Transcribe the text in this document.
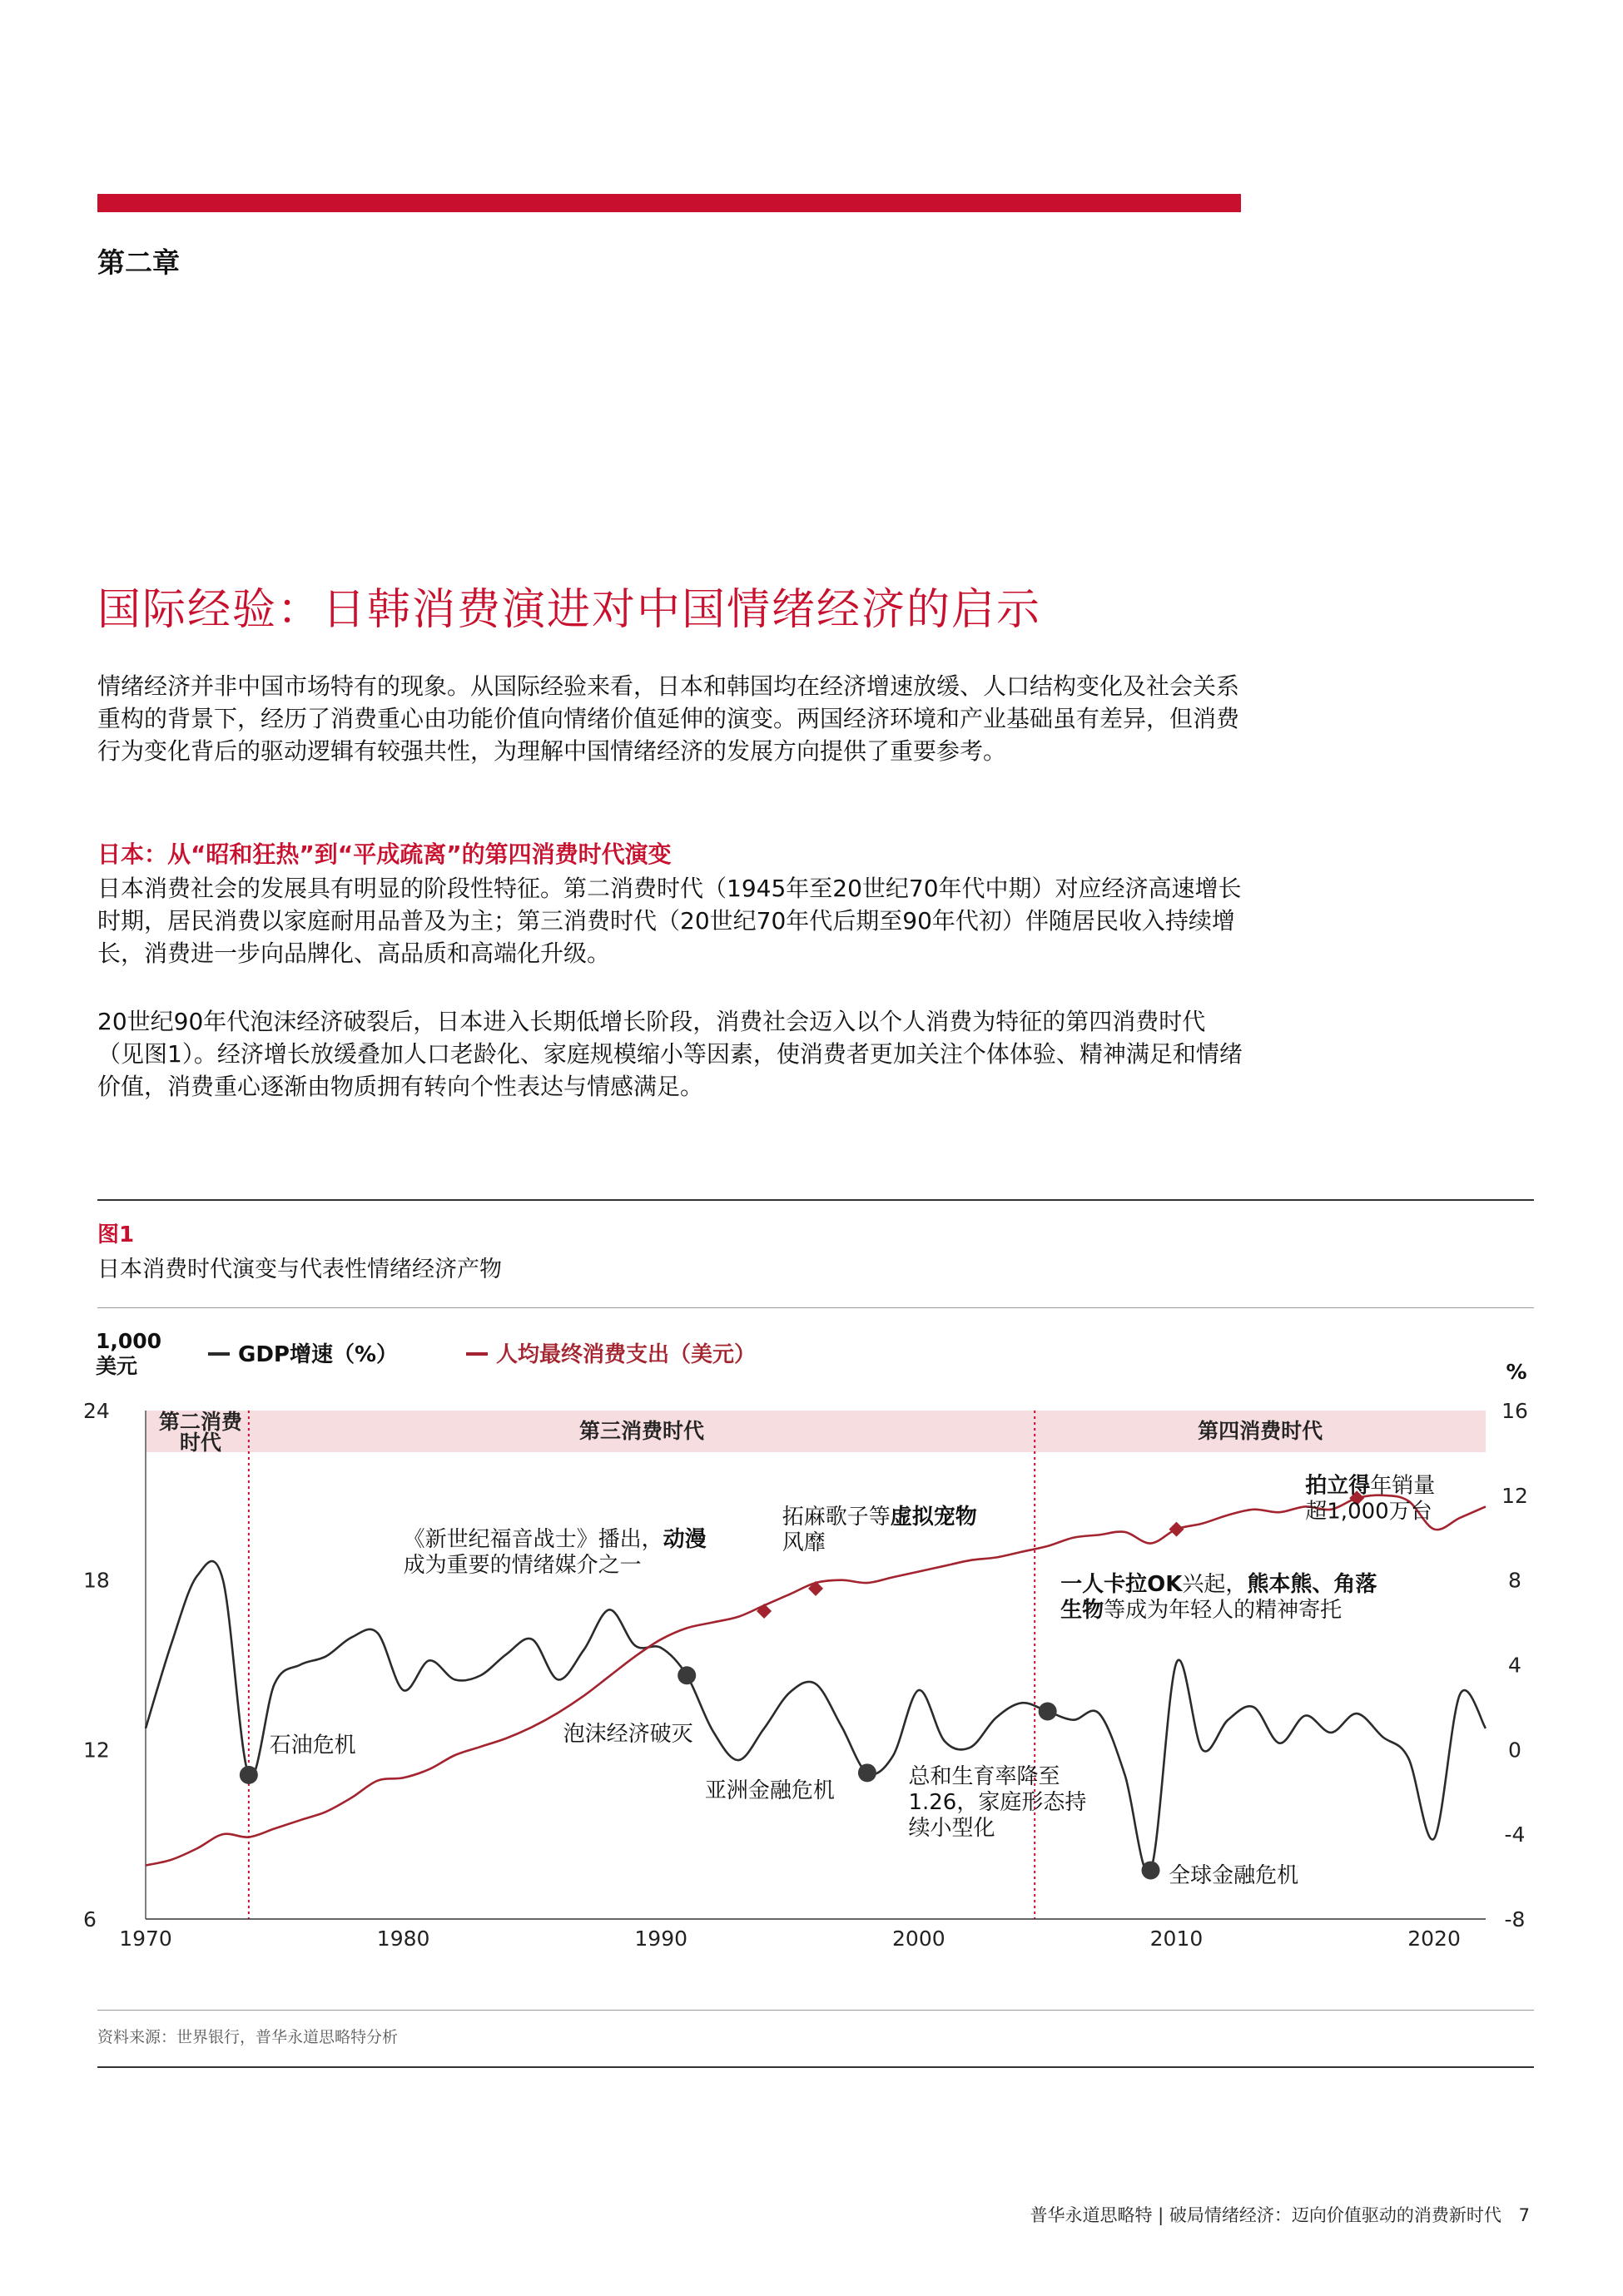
第二章
国际经验：日韩消费演进对中国情绪经济的启示

情绪经济并非中国市场特有的现象。从国际经验来看，日本和韩国均在经济增速放缓、人口结构变化及社会关系重构的背景下，经历了消费重心由功能价值向情绪价值延伸的演变。两国经济环境和产业基础虽有差异，但消费行为变化背后的驱动逻辑有较强共性，为理解中国情绪经济的发展方向提供了重要参考。

日本：从“昭和狂热”到“平成疏离”的第四消费时代演变

日本消费社会的发展具有明显的阶段性特征。第二消费时代（1945年至20世纪70年代中期）对应经济高速增长时期，居民消费以家庭耐用品普及为主；第三消费时代（20世纪70年代后期至90年代初）伴随居民收入持续增长，消费进一步向品牌化、高品质和高端化升级。

20世纪90年代泡沫经济破裂后，日本进入长期低增长阶段，消费社会迈入以个人消费为特征的第四消费时代（见图1）。经济增长放缓叠加人口老龄化、家庭规模缩小等因素，使消费者更加关注个体体验、精神满足和情绪价值，消费重心逐渐由物质拥有转向个性表达与情感满足。

图1
日本消费时代演变与代表性情绪经济产物
第二消费
时代	第三消费时代	第四消费时代
6
12
18
24
-8
-4
0
4
8
12
16
1970	1980	1990	2000	2010	2020
1,000
美元	%
GDP增速（%）	人均最终消费支出（美元）
石油危机
《新世纪福音战士》播出，动漫
成为重要的情绪媒介之一
泡沫经济破灭
拓麻歌子等虚拟宠物
风靡
亚洲金融危机
总和生育率降至
1.26，家庭形态持
续小型化
一人卡拉OK兴起，熊本熊、角落
生物等成为年轻人的精神寄托
拍立得年销量
超1,000万台
全球金融危机
资料来源：世界银行，普华永道思略特分析
普华永道思略特 | 破局情绪经济：迈向价值驱动的消费新时代 7
